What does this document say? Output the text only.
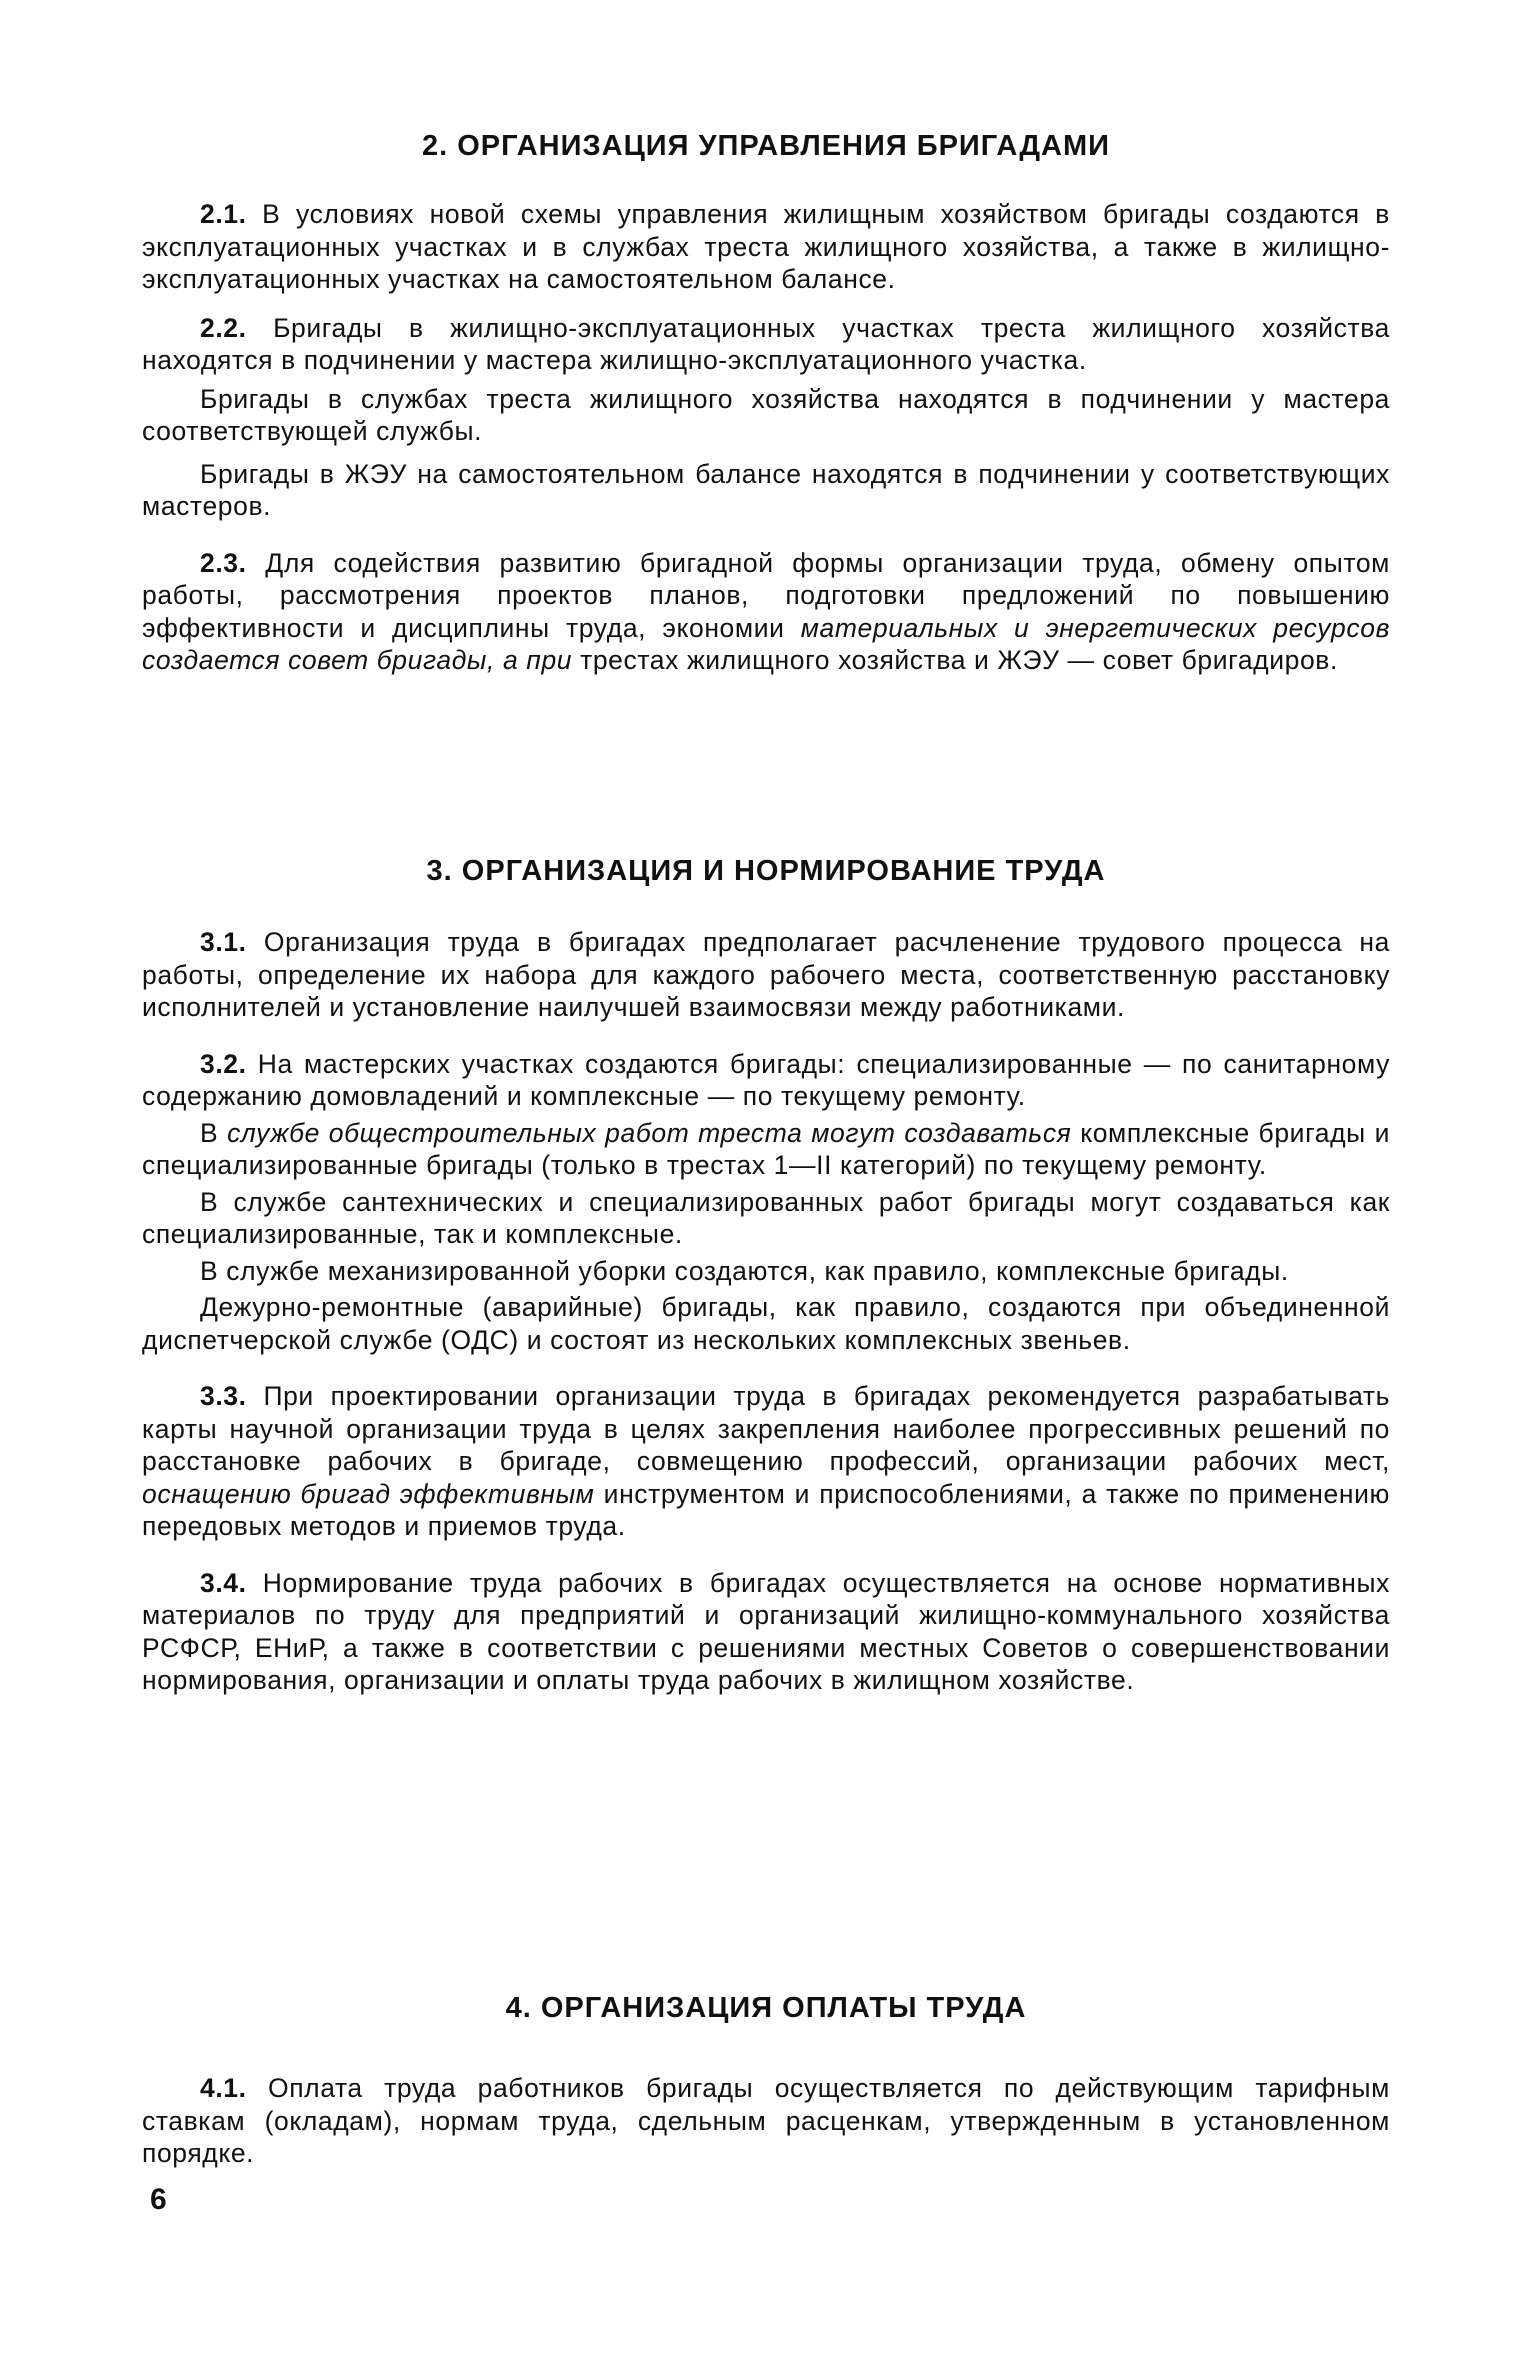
2. ОРГАНИЗАЦИЯ УПРАВЛЕНИЯ БРИГАДАМИ

2.1. В условиях новой схемы управления жилищным хозяйством бригады создаются в эксплуатационных участках и в службах треста жилищного хозяйства, а также в жилищно-эксплуатационных участках на самостоятельном балансе.

2.2. Бригады в жилищно-эксплуатационных участках треста жилищного хозяйства находятся в подчинении у мастера жилищно-эксплуатационного участка.

Бригады в службах треста жилищного хозяйства находятся в подчинении у мастера соответствующей службы.

Бригады в ЖЭУ на самостоятельном балансе находятся в подчинении у соответствующих мастеров.

2.3. Для содействия развитию бригадной формы организации труда, обмену опытом работы, рассмотрения проектов планов, подготовки предложений по повышению эффективности и дисциплины труда, экономии материальных и энергетических ресурсов создается совет бригады, а при трестах жилищного хозяйства и ЖЭУ — совет бригадиров.

3. ОРГАНИЗАЦИЯ И НОРМИРОВАНИЕ ТРУДА

3.1. Организация труда в бригадах предполагает расчленение трудового процесса на работы, определение их набора для каждого рабочего места, соответственную расстановку исполнителей и установление наилучшей взаимосвязи между работниками.

3.2. На мастерских участках создаются бригады: специализированные — по санитарному содержанию домовладений и комплексные — по текущему ремонту.

В службе общестроительных работ треста могут создаваться комплексные бригады и специализированные бригады (только в трестах 1—II категорий) по текущему ремонту.

В службе сантехнических и специализированных работ бригады могут создаваться как специализированные, так и комплексные.

В службе механизированной уборки создаются, как правило, комплексные бригады.

Дежурно-ремонтные (аварийные) бригады, как правило, создаются при объединенной диспетчерской службе (ОДС) и состоят из нескольких комплексных звеньев.

3.3. При проектировании организации труда в бригадах рекомендуется разрабатывать карты научной организации труда в целях закрепления наиболее прогрессивных решений по расстановке рабочих в бригаде, совмещению профессий, организации рабочих мест, оснащению бригад эффективным инструментом и приспособлениями, а также по применению передовых методов и приемов труда.

3.4. Нормирование труда рабочих в бригадах осуществляется на основе нормативных материалов по труду для предприятий и организаций жилищно-коммунального хозяйства РСФСР, ЕНиР, а также в соответствии с решениями местных Советов о совершенствовании нормирования, организации и оплаты труда рабочих в жилищном хозяйстве.

4. ОРГАНИЗАЦИЯ ОПЛАТЫ ТРУДА

4.1. Оплата труда работников бригады осуществляется по действующим тарифным ставкам (окладам), нормам труда, сдельным расценкам, утвержденным в установленном порядке.

6
